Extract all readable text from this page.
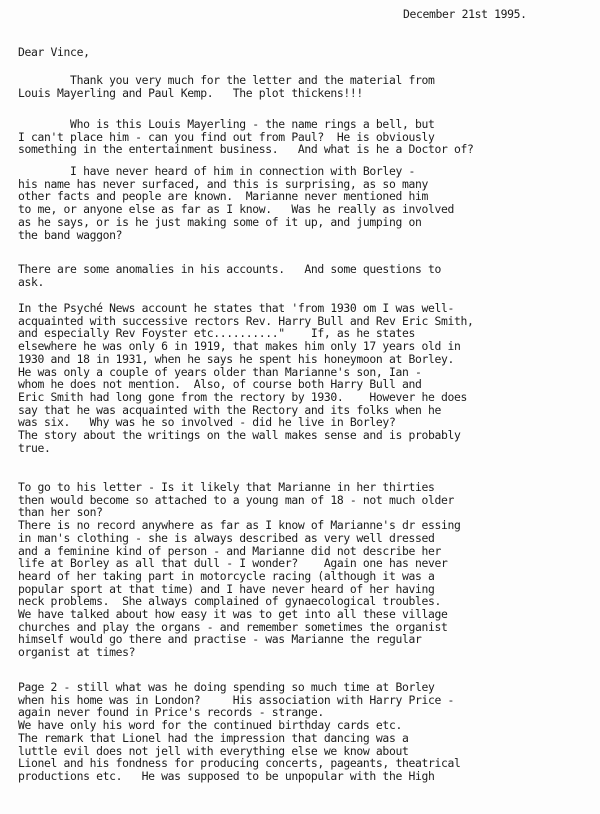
December 21st 1995.
Dear Vince,
Thank you very much for the letter and the material from
Louis Mayerling and Paul Kemp.   The plot thickens!!!
Who is this Louis Mayerling - the name rings a bell, but
I can't place him - can you find out from Paul?  He is obviously
something in the entertainment business.   And what is he a Doctor of?
I have never heard of him in connection with Borley -
his name has never surfaced, and this is surprising, as so many
other facts and people are known.  Marianne never mentioned him
to me, or anyone else as far as I know.   Was he really as involved
as he says, or is he just making some of it up, and jumping on
the band waggon?
There are some anomalies in his accounts.   And some questions to
ask.
In the Psyché News account he states that 'from 1930 om I was well-
acquainted with successive rectors Rev. Harry Bull and Rev Eric Smith,
and especially Rev Foyster etc.........."    If, as he states
elsewhere he was only 6 in 1919, that makes him only 17 years old in
1930 and 18 in 1931, when he says he spent his honeymoon at Borley.
He was only a couple of years older than Marianne's son, Ian -
whom he does not mention.  Also, of course both Harry Bull and
Eric Smith had long gone from the rectory by 1930.    However he does
say that he was acquainted with the Rectory and its folks when he
was six.   Why was he so involved - did he live in Borley?
The story about the writings on the wall makes sense and is probably
true.
To go to his letter - Is it likely that Marianne in her thirties
then would become so attached to a young man of 18 - not much older
than her son?
There is no record anywhere as far as I know of Marianne's dr essing
in man's clothing - she is always described as very well dressed
and a feminine kind of person - and Marianne did not describe her
life at Borley as all that dull - I wonder?    Again one has never
heard of her taking part in motorcycle racing (although it was a
popular sport at that time) and I have never heard of her having
neck problems.  She always complained of gynaecological troubles.
We have talked about how easy it was to get into all these village
churches and play the organs - and remember sometimes the organist
himself would go there and practise - was Marianne the regular
organist at times?
Page 2 - still what was he doing spending so much time at Borley
when his home was in London?     His association with Harry Price -
again never found in Price's records - strange.
We have only his word for the continued birthday cards etc.
The remark that Lionel had the impression that dancing was a
luttle evil does not jell with everything else we know about
Lionel and his fondness for producing concerts, pageants, theatrical
productions etc.   He was supposed to be unpopular with the High
